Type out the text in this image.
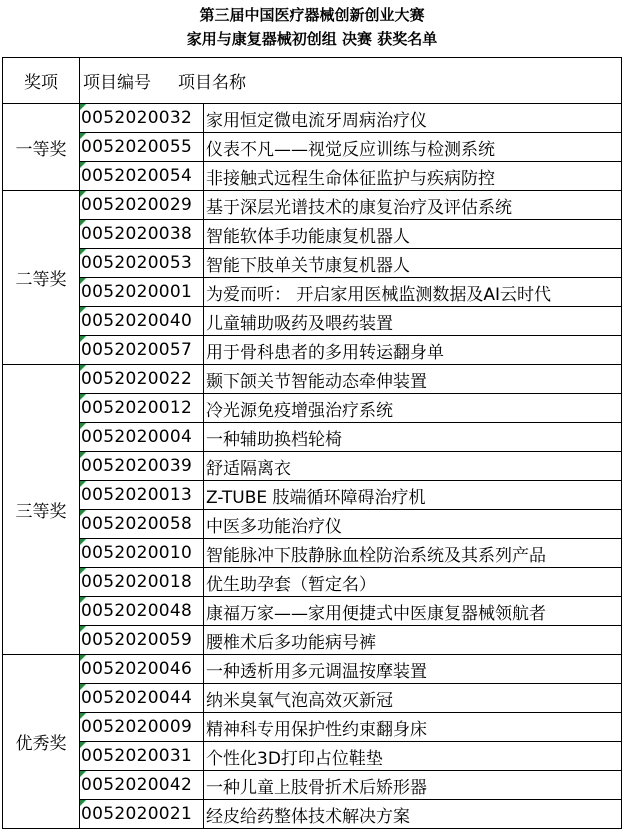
第三届中国医疗器械创新创业大赛
家用与康复器械初创组 决赛 获奖名单
奖项	项目编号 项目名称	
一等奖	0052020032	家用恒定微电流牙周病治疗仪
	0052020055	仪表不凡——视觉反应训练与检测系统
	0052020054	非接触式远程生命体征监护与疾病防控
二等奖	0052020029	基于深层光谱技术的康复治疗及评估系统
	0052020038	智能软体手功能康复机器人
	0052020053	智能下肢单关节康复机器人
	0052020001	为爱而听： 开启家用医械监测数据及AI云时代
	0052020040	儿童辅助吸药及喂药装置
	0052020057	用于骨科患者的多用转运翻身单
三等奖	0052020022	颞下颌关节智能动态牵伸装置
	0052020012	冷光源免疫增强治疗系统
	0052020004	一种辅助换档轮椅
	0052020039	舒适隔离衣
	0052020013	Z-TUBE 肢端循环障碍治疗机
	0052020058	中医多功能治疗仪
	0052020010	智能脉冲下肢静脉血栓防治系统及其系列产品
	0052020018	优生助孕套（暂定名）
	0052020048	康福万家——家用便捷式中医康复器械领航者
	0052020059	腰椎术后多功能病号裤
优秀奖	0052020046	一种透析用多元调温按摩装置
	0052020044	纳米臭氧气泡高效灭新冠
	0052020009	精神科专用保护性约束翻身床
	0052020031	个性化3D打印占位鞋垫
	0052020042	一种儿童上肢骨折术后矫形器
	0052020021	经皮给药整体技术解决方案
